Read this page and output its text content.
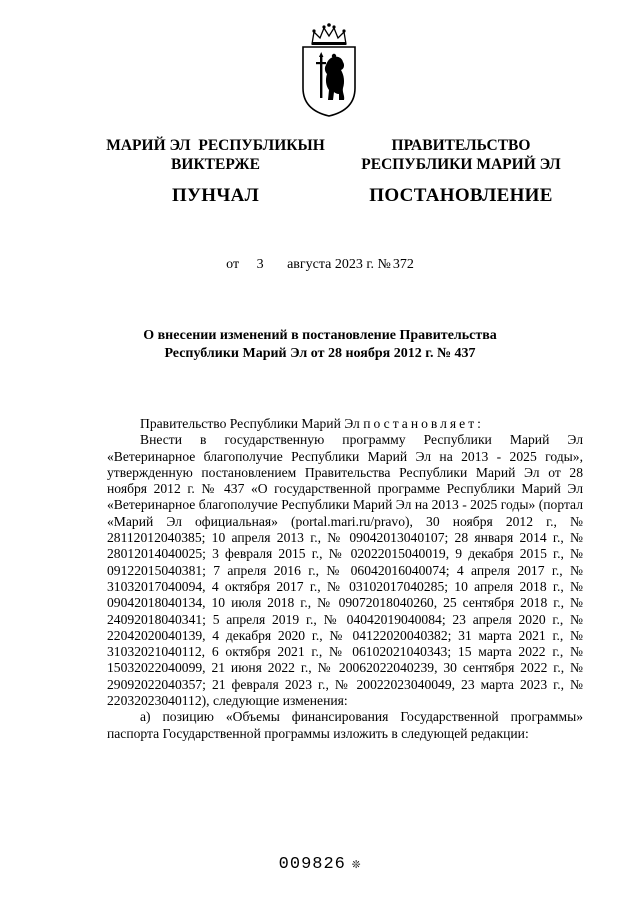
МАРИЙ ЭЛ  РЕСПУБЛИКЫН
ВИКТЕРЖЕ
ПУНЧАЛ
ПРАВИТЕЛЬСТВО
РЕСПУБЛИКИ МАРИЙ ЭЛ
ПОСТАНОВЛЕНИЕ
от 3 августа 2023 г. № 372
О внесении изменений в постановление Правительства
Республики Марий Эл от 28 ноября 2012 г. № 437

Правительство Республики Марий Эл постановляет:

Внести в государственную программу Республики Марий Эл «Ветеринарное благополучие Республики Марий Эл на 2013 - 2025 годы», утвержденную постановлением Правительства Республики Марий Эл от 28 ноября 2012 г. № 437 «О государственной программе Республики Марий Эл «Ветеринарное благополучие Республики Марий Эл на 2013 - 2025 годы» (портал «Марий Эл официальная» (portal.mari.ru/pravo), 30 ноября 2012 г., № 28112012040385; 10 апреля 2013 г., № 09042013040107; 28 января 2014 г., № 28012014040025; 3 февраля 2015 г., № 02022015040019, 9 декабря 2015 г., № 09122015040381; 7 апреля 2016 г., № 06042016040074; 4 апреля 2017 г., № 31032017040094, 4 октября 2017 г., № 03102017040285; 10 апреля 2018 г., № 09042018040134, 10 июля 2018 г., № 09072018040260, 25 сентября 2018 г., № 24092018040341; 5 апреля 2019 г., № 04042019040084; 23 апреля 2020 г., № 22042020040139, 4 декабря 2020 г., № 04122020040382; 31 марта 2021 г., № 31032021040112, 6 октября 2021 г., № 06102021040343; 15 марта 2022 г., № 15032022040099, 21 июня 2022 г., № 20062022040239, 30 сентября 2022 г., № 29092022040357; 21 февраля 2023 г., № 20022023040049, 23 марта 2023 г., № 22032023040112), следующие изменения:

а) позицию «Объемы финансирования Государственной программы» паспорта Государственной программы изложить в следующей редакции:

009826 ❊
